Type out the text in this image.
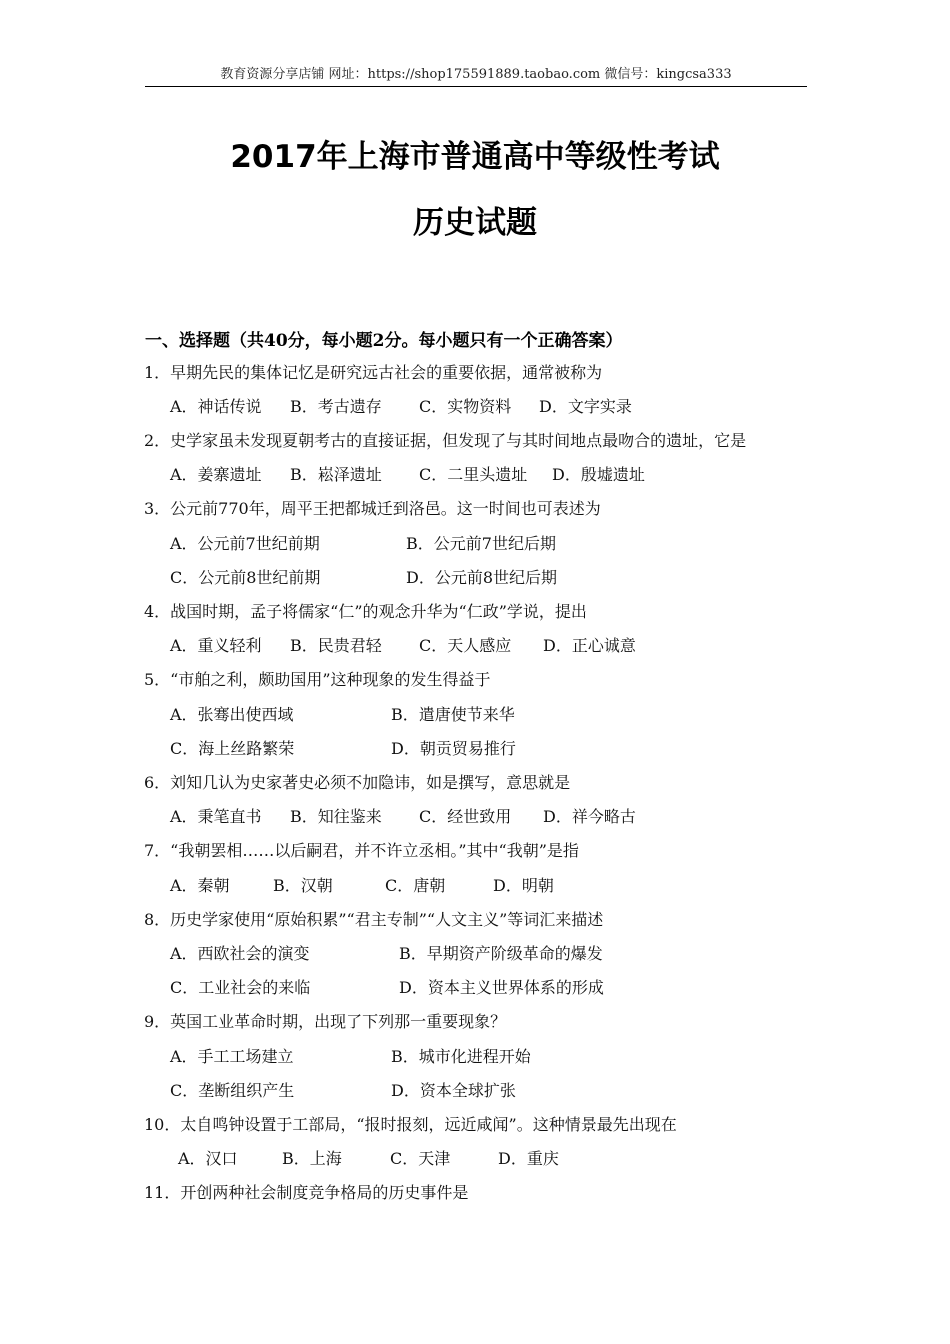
教育资源分享店铺 网址：https://shop175591889.taobao.com 微信号：kingcsa333
2017年上海市普通高中等级性考试
历史试题
一、选择题（共40分，每小题2分。每小题只有一个正确答案）
1．早期先民的集体记忆是研究远古社会的重要依据，通常被称为
A．神话传说 B．考古遗存 C．实物资料 D．文字实录
2．史学家虽未发现夏朝考古的直接证据，但发现了与其时间地点最吻合的遗址，它是
A．姜寨遗址 B．崧泽遗址 C．二里头遗址 D．殷墟遗址
3．公元前770年，周平王把都城迁到洛邑。这一时间也可表述为
A．公元前7世纪前期	B．公元前7世纪后期
C．公元前8世纪前期	D．公元前8世纪后期
4．战国时期，孟子将儒家“仁”的观念升华为“仁政”学说，提出
A．重义轻利 B．民贵君轻 C．天人感应 D．正心诚意
5．“市舶之利，颇助国用”这种现象的发生得益于
A．张骞出使西域	B．遣唐使节来华
C．海上丝路繁荣	D．朝贡贸易推行
6．刘知几认为史家著史必须不加隐讳，如是撰写，意思就是
A．秉笔直书 B．知往鉴来 C．经世致用 D．祥今略古
7．“我朝罢相……以后嗣君，并不许立丞相。”其中“我朝”是指
A．秦朝	B．汉朝	C．唐朝	D．明朝
8．历史学家使用“原始积累”“君主专制”“人文主义”等词汇来描述
A．西欧社会的演变	B．早期资产阶级革命的爆发
C．工业社会的来临	D．资本主义世界体系的形成
9．英国工业革命时期，出现了下列那一重要现象？
A．手工工场建立	B．城市化进程开始
C．垄断组织产生	D．资本全球扩张
10．太自鸣钟设置于工部局，“报时报刻，远近咸闻”。这种情景最先出现在
A．汉口	B．上海	C．天津	D．重庆
11．开创两种社会制度竞争格局的历史事件是
